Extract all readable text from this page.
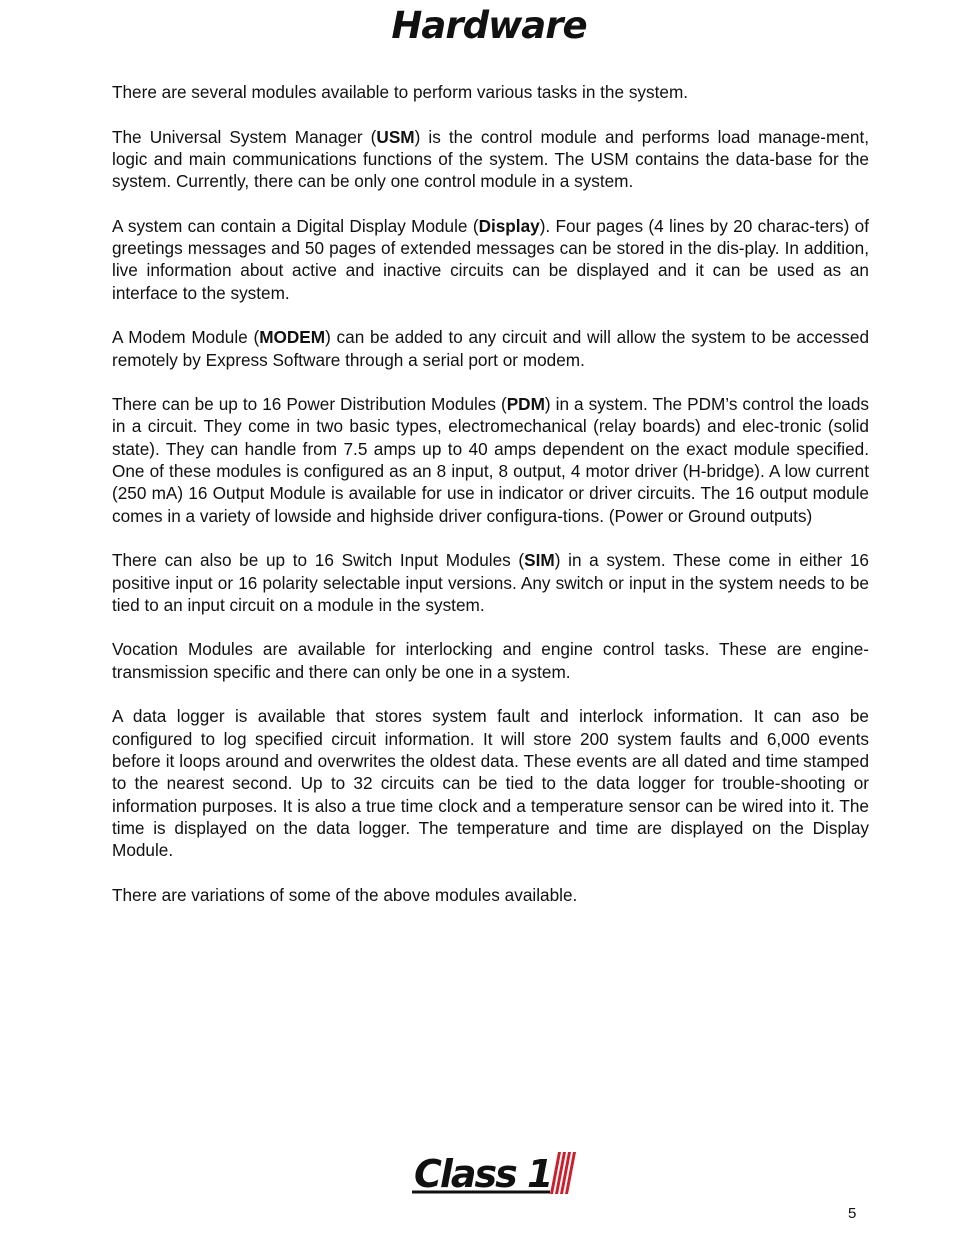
Hardware

There are several modules available to perform various tasks in the system.

The Universal System Manager (USM) is the control module and performs load manage-ment, logic and main communications functions of the system. The USM contains the data-base for the system. Currently, there can be only one control module in a system.

A system can contain a Digital Display Module (Display). Four pages (4 lines by 20 charac-ters) of greetings messages and 50 pages of extended messages can be stored in the dis-play. In addition, live information about active and inactive circuits can be displayed and it can be used as an interface to the system.

A Modem Module (MODEM) can be added to any circuit and will allow the system to be accessed remotely by Express Software through a serial port or modem.

There can be up to 16 Power Distribution Modules (PDM) in a system. The PDM’s control the loads in a circuit. They come in two basic types, electromechanical (relay boards) and elec-tronic (solid state). They can handle from 7.5 amps up to 40 amps dependent on the exact module specified. One of these modules is configured as an 8 input, 8 output, 4 motor driver (H-bridge). A low current (250 mA) 16 Output Module is available for use in indicator or driver circuits. The 16 output module comes in a variety of lowside and highside driver configura-tions. (Power or Ground outputs)

There can also be up to 16 Switch Input Modules (SIM) in a system. These come in either 16 positive input or 16 polarity selectable input versions. Any switch or input in the system needs to be tied to an input circuit on a module in the system.

Vocation Modules are available for interlocking and engine control tasks. These are engine-transmission specific and there can only be one in a system.

A data logger is available that stores system fault and interlock information. It can aso be configured to log specified circuit information. It will store 200 system faults and 6,000 events before it loops around and overwrites the oldest data. These events are all dated and time stamped to the nearest second. Up to 32 circuits can be tied to the data logger for trouble-shooting or information purposes. It is also a true time clock and a temperature sensor can be wired into it. The time is displayed on the data logger. The temperature and time are displayed on the Display Module.

There are variations of some of the above modules available.

Class 1
5
